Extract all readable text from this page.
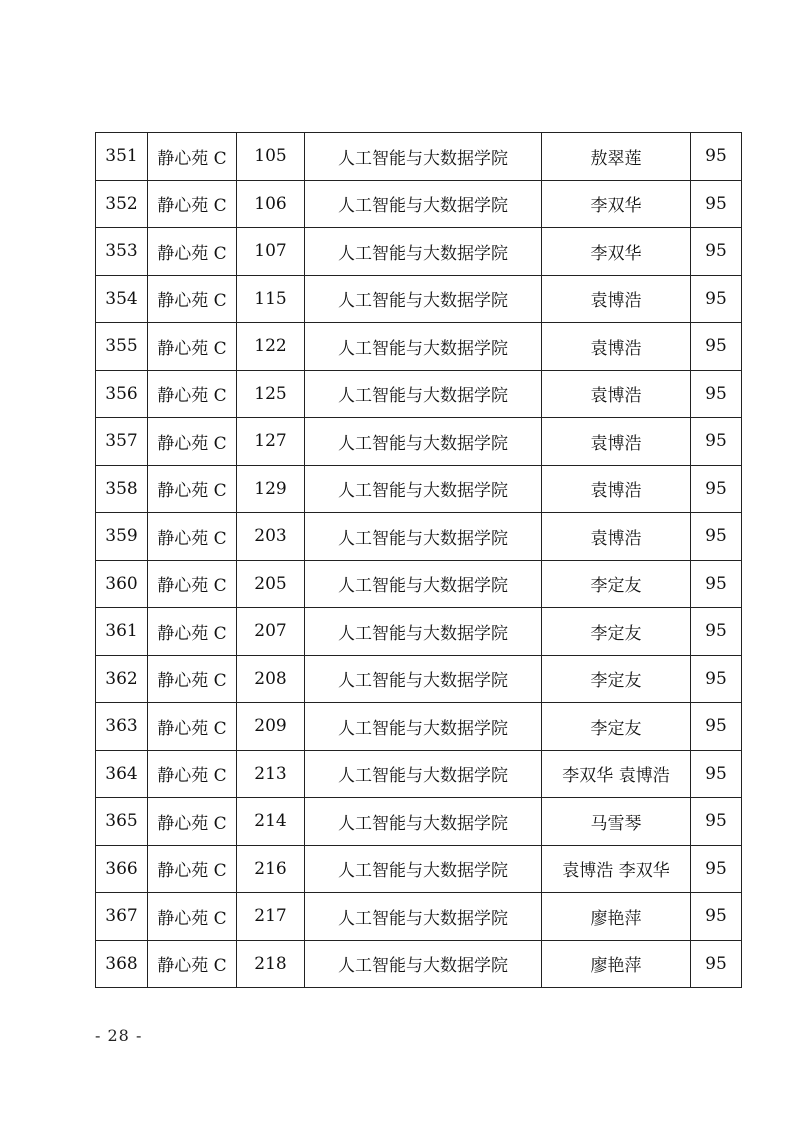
351	静心苑 C	105	人工智能与大数据学院	敖翠莲	95
352	静心苑 C	106	人工智能与大数据学院	李双华	95
353	静心苑 C	107	人工智能与大数据学院	李双华	95
354	静心苑 C	115	人工智能与大数据学院	袁博浩	95
355	静心苑 C	122	人工智能与大数据学院	袁博浩	95
356	静心苑 C	125	人工智能与大数据学院	袁博浩	95
357	静心苑 C	127	人工智能与大数据学院	袁博浩	95
358	静心苑 C	129	人工智能与大数据学院	袁博浩	95
359	静心苑 C	203	人工智能与大数据学院	袁博浩	95
360	静心苑 C	205	人工智能与大数据学院	李定友	95
361	静心苑 C	207	人工智能与大数据学院	李定友	95
362	静心苑 C	208	人工智能与大数据学院	李定友	95
363	静心苑 C	209	人工智能与大数据学院	李定友	95
364	静心苑 C	213	人工智能与大数据学院	李双华 袁博浩	95
365	静心苑 C	214	人工智能与大数据学院	马雪琴	95
366	静心苑 C	216	人工智能与大数据学院	袁博浩 李双华	95
367	静心苑 C	217	人工智能与大数据学院	廖艳萍	95
368	静心苑 C	218	人工智能与大数据学院	廖艳萍	95
- 28 -
